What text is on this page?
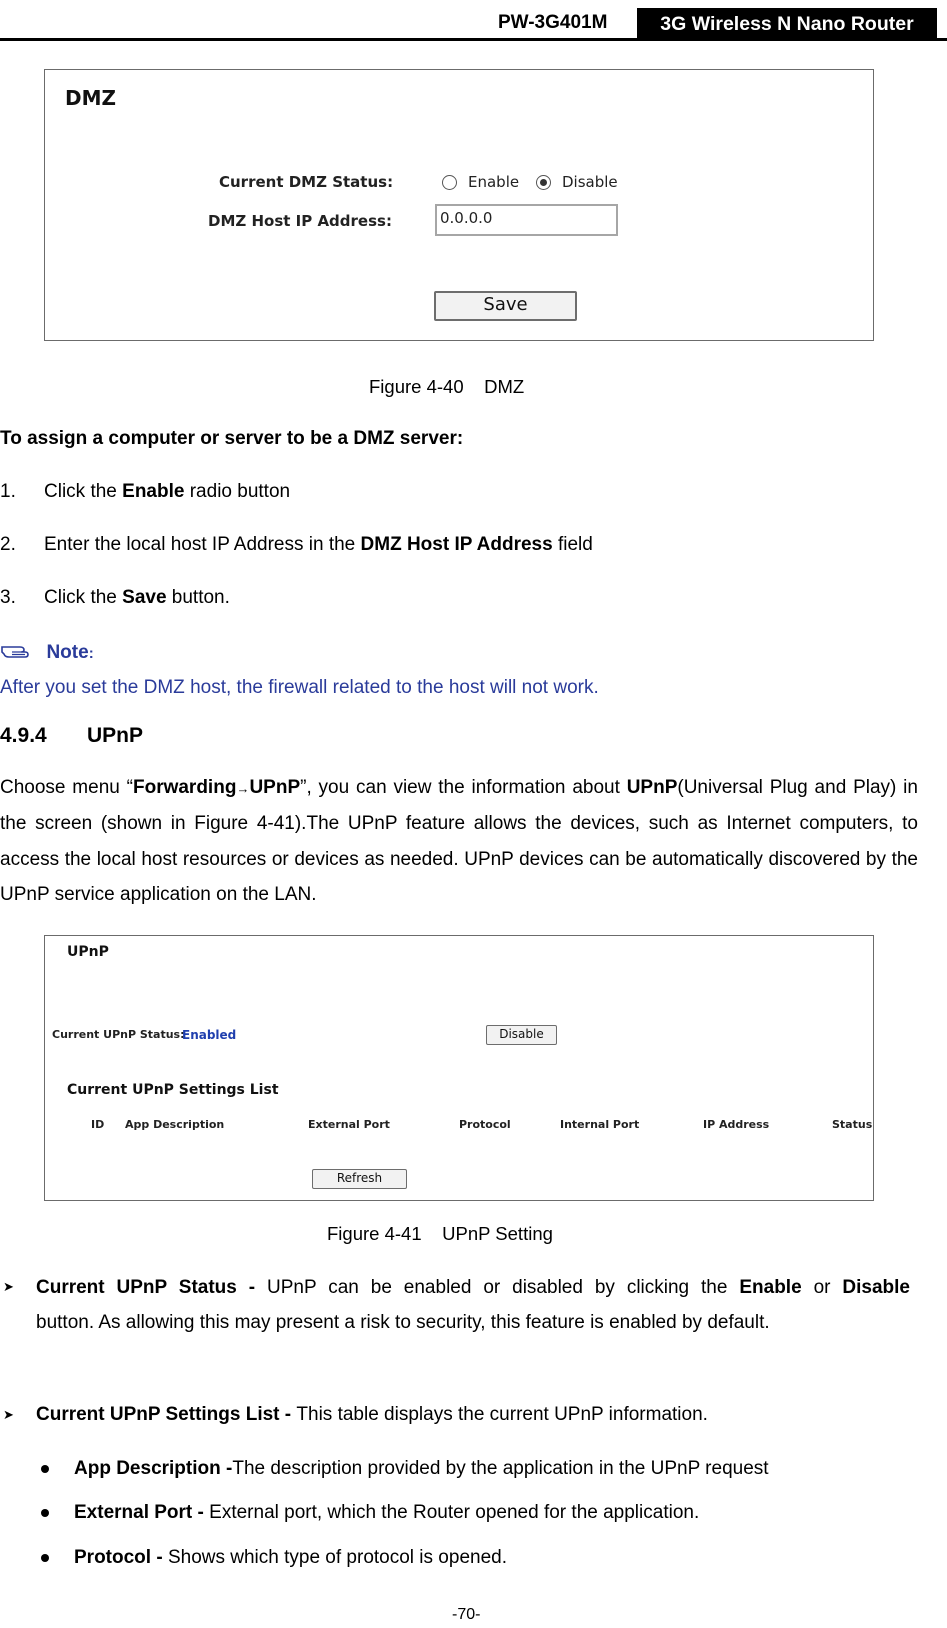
PW-3G401M	3G Wireless N Nano Router
DMZ
Current DMZ Status:	Enable	Disable
DMZ Host IP Address:	0.0.0.0
Save
Figure 4-40    DMZ
To assign a computer or server to be a DMZ server:
1. Click the Enable radio button
2. Enter the local host IP Address in the DMZ Host IP Address field
3. Click the Save button.
Note:
After you set the DMZ host, the firewall related to the host will not work.
4.9.4 UPnP
Choose menu “Forwarding→UPnP”, you can view the information about UPnP(Universal Plug and Play) in the screen (shown in Figure 4-41).The UPnP feature allows the devices, such as Internet computers, to access the local host resources or devices as needed. UPnP devices can be automatically discovered by the UPnP service application on the LAN.
UPnP
Current UPnP Status:
Enabled	Disable
Current UPnP Settings List
ID App Description	External Port	Protocol	Internal Port	IP Address	Status
Refresh
Figure 4-41    UPnP Setting
➤ Current UPnP Status - UPnP can be enabled or disabled by clicking the Enable or Disable button. As allowing this may present a risk to security, this feature is enabled by default.
➤ Current UPnP Settings List - This table displays the current UPnP information.
App Description -The description provided by the application in the UPnP request
External Port - External port, which the Router opened for the application.
Protocol - Shows which type of protocol is opened.
-70-
